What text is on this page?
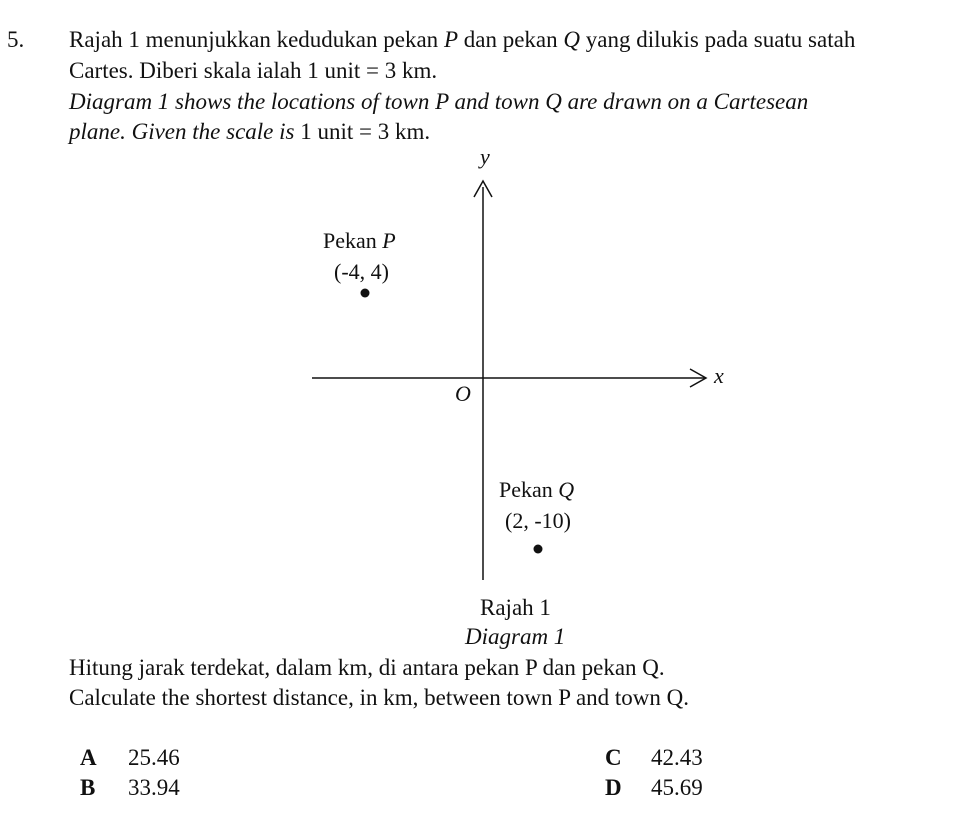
5. Rajah 1 menunjukkan kedudukan pekan P dan pekan Q yang dilukis pada suatu satah
Cartes. Diberi skala ialah 1 unit = 3 km.
Diagram 1 shows the locations of town P and town Q are drawn on a Cartesean
plane. Given the scale is 1 unit = 3 km.
y
x
O
Pekan P
(-4, 4)
Pekan Q
(2, -10)
Rajah 1
Diagram 1
Hitung jarak terdekat, dalam km, di antara pekan P dan pekan Q.
Calculate the shortest distance, in km, between town P and town Q.
A 25.46
B 33.94
C 42.43
D 45.69
